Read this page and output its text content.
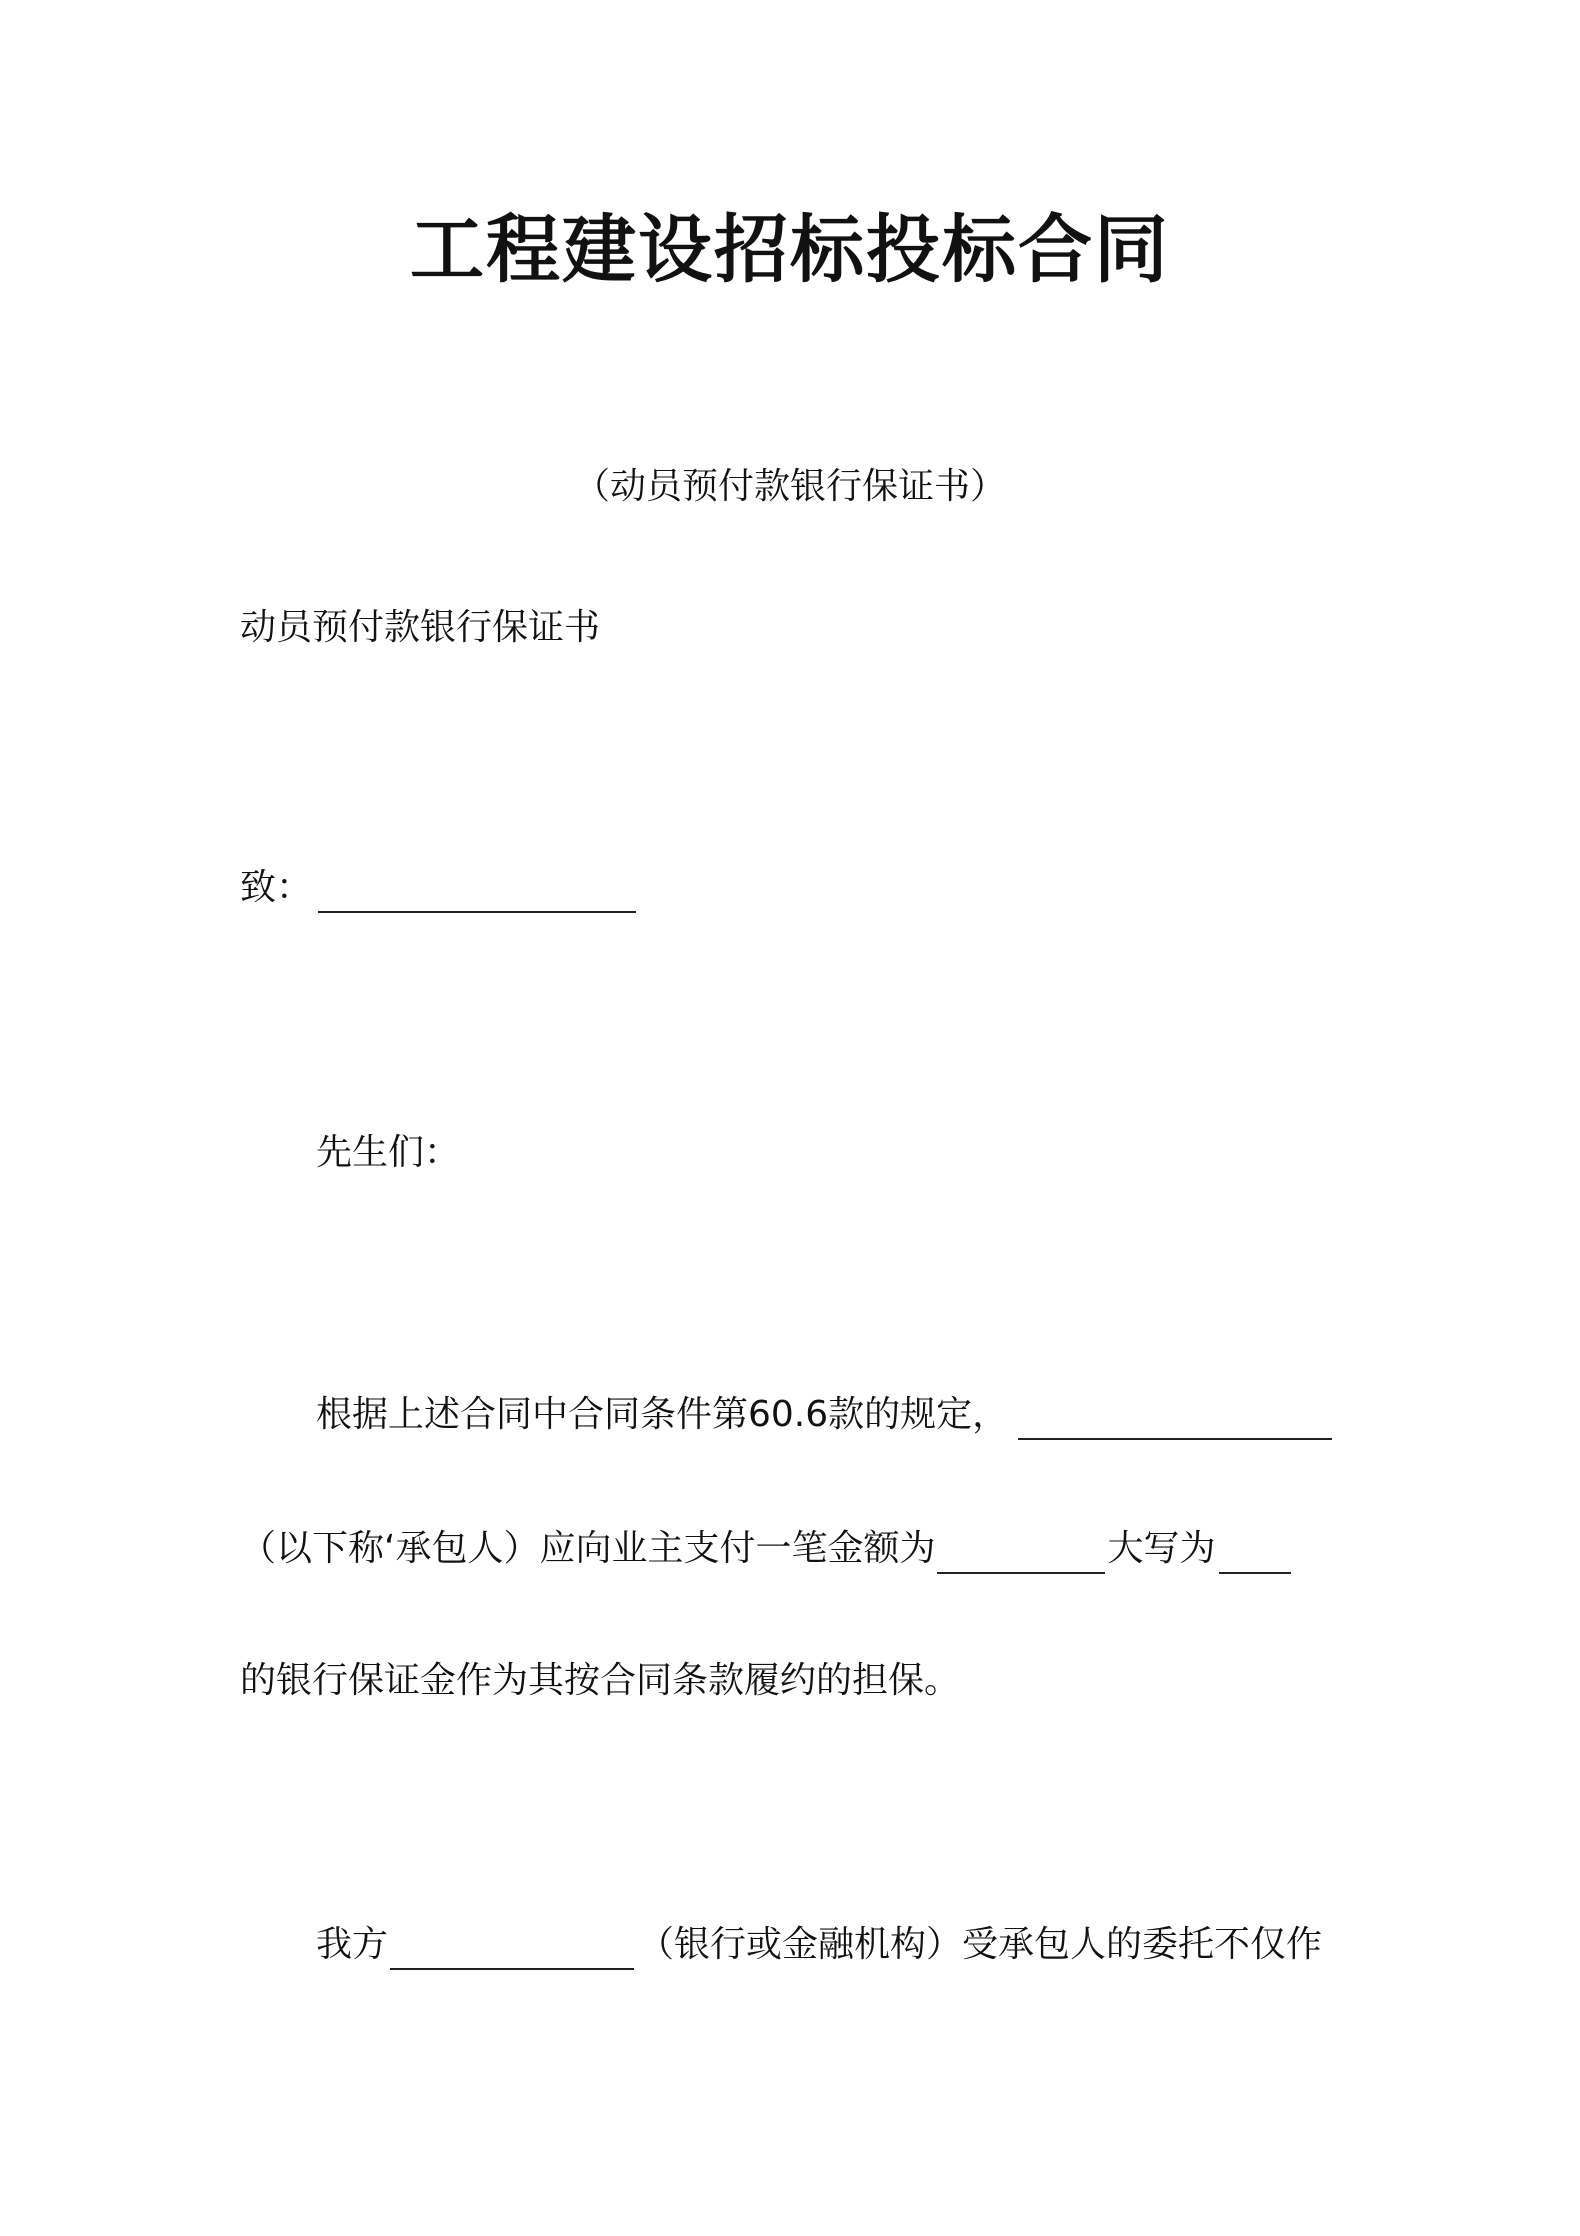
工程建设招标投标合同
（动员预付款银行保证书）
动员预付款银行保证书
致：
先生们：
根据上述合同中合同条件第60.6款的规定，
（以下称‘承包人）应向业主支付一笔金额为	大写为
的银行保证金作为其按合同条款履约的担保。
我方	（银行或金融机构）受承包人的委托不仅作
